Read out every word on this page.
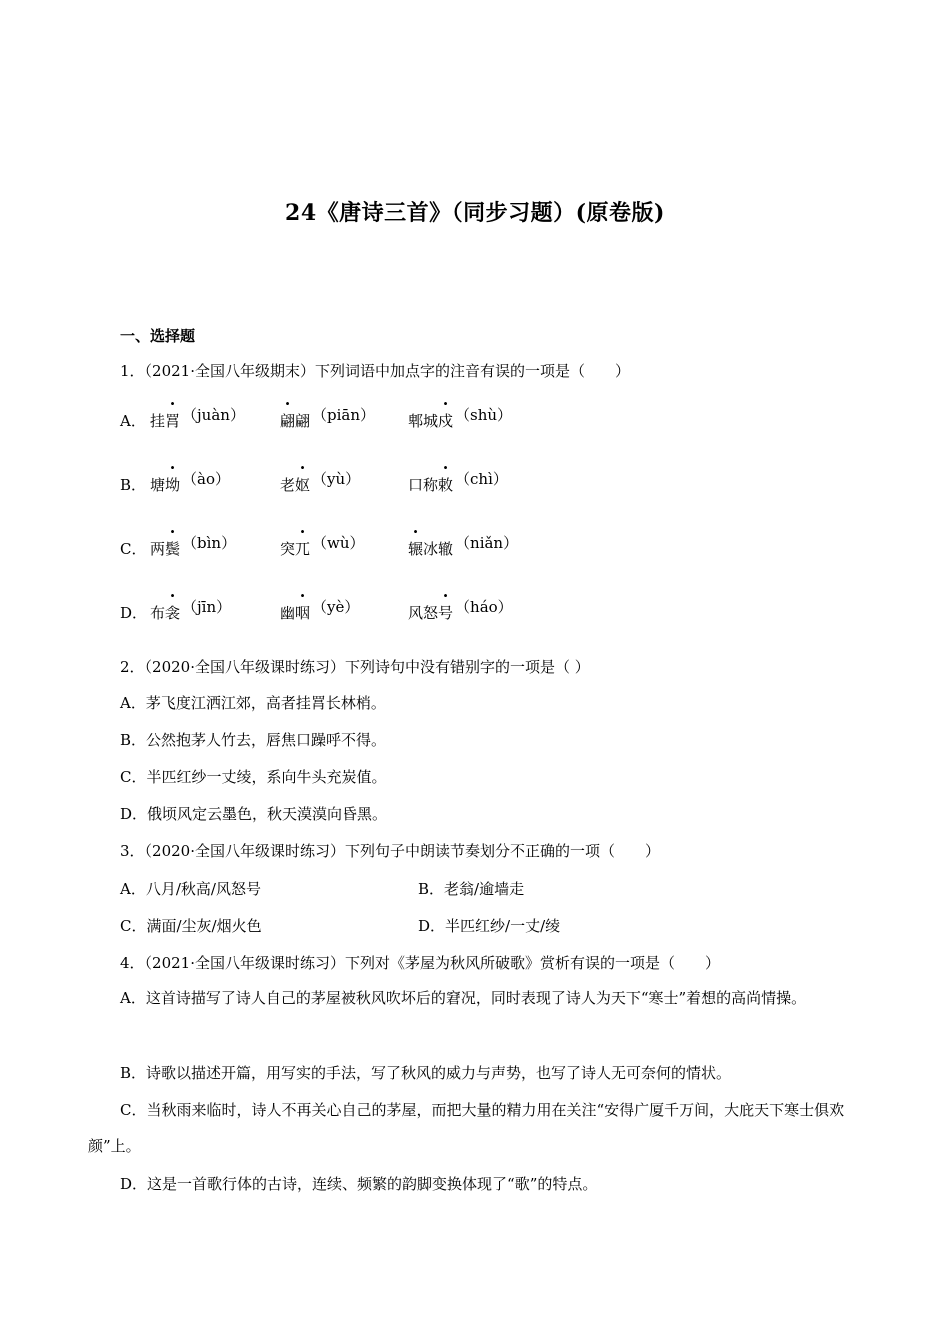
24《唐诗三首》（同步习题）(原卷版)
一、选择题
1．（2021·全国八年级期末）下列词语中加点字的注音有误的一项是（　　）
A． 挂罥 （juàn） 翩翩 （piān） 郫城戍 （shù）
B． 塘坳 （ào）	老妪 （yù）	口称敕 （chì）
C． 两鬓 （bìn）	突兀 （wù）	辗冰辙 （niǎn）
D． 布衾 （jīn）	幽咽 （yè）	风怒号 （háo）
2．（2020·全国八年级课时练习）下列诗句中没有错别字的一项是（ ）
A．茅飞度江洒江郊，高者挂罥长林梢。
B．公然抱茅人竹去，唇焦口躁呼不得。
C．半匹红纱一丈绫，系向牛头充炭值。
D．俄顷风定云墨色，秋天漠漠向昏黑。
3．（2020·全国八年级课时练习）下列句子中朗读节奏划分不正确的一项（　　）
A．八月/秋高/风怒号	B．老翁/逾墙走
C．满面/尘灰/烟火色	D．半匹红纱/一丈/绫
4．（2021·全国八年级课时练习）下列对《茅屋为秋风所破歌》赏析有误的一项是（　　）
A．这首诗描写了诗人自己的茅屋被秋风吹坏后的窘况，同时表现了诗人为天下“寒士”着想的高尚情操。
B．诗歌以描述开篇，用写实的手法，写了秋风的威力与声势，也写了诗人无可奈何的情状。
C．当秋雨来临时，诗人不再关心自己的茅屋，而把大量的精力用在关注“安得广厦千万间，大庇天下寒士俱欢颜”上。
D．这是一首歌行体的古诗，连续、频繁的韵脚变换体现了“歌”的特点。
